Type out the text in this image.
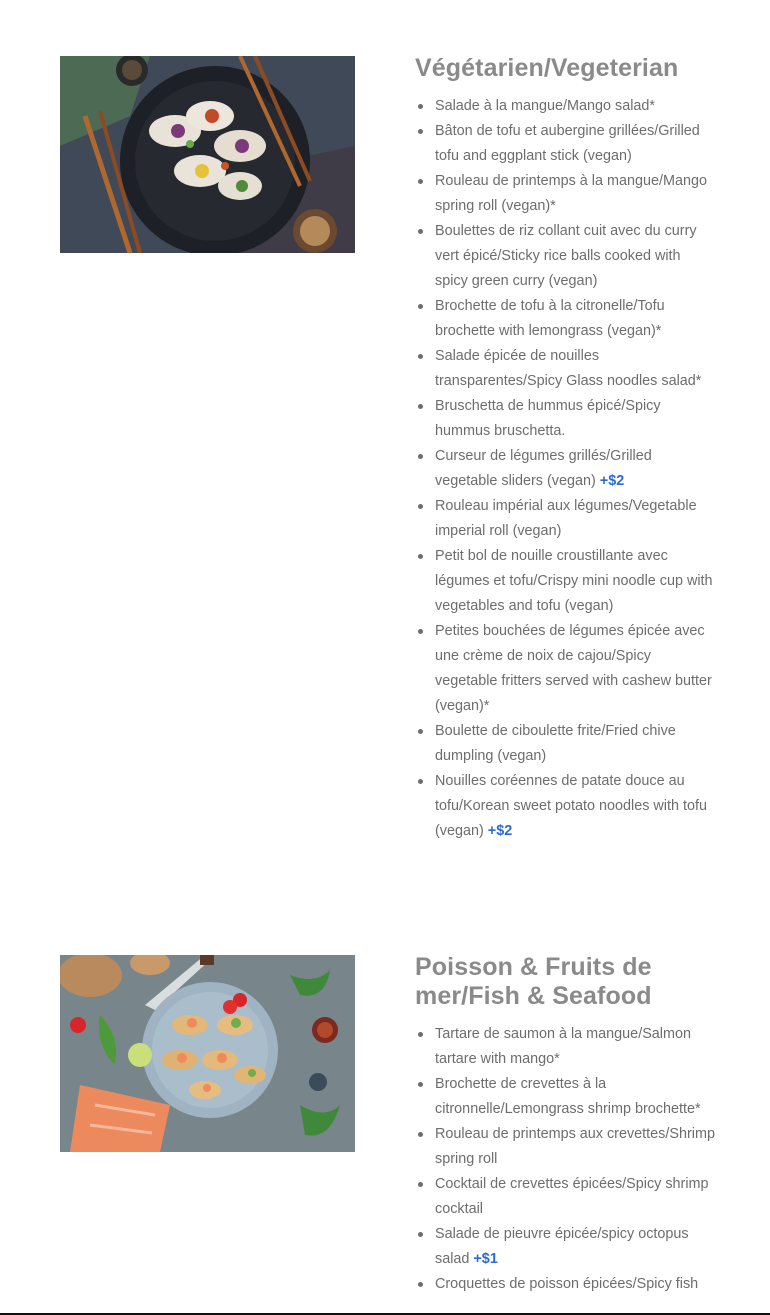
Végétarien/Vegeterian
Salade à la mangue/Mango salad*
Bâton de tofu et aubergine grillées/Grilled tofu and eggplant stick (vegan)
Rouleau de printemps à la mangue/Mango spring roll (vegan)*
Boulettes de riz collant cuit avec du curry vert épicé/Sticky rice balls cooked with spicy green curry (vegan)
Brochette de tofu à la citronelle/Tofu brochette with lemongrass (vegan)*
Salade épicée de nouilles transparentes/Spicy Glass noodles salad*
Bruschetta de hummus épicé/Spicy hummus bruschetta.
Curseur de légumes grillés/Grilled vegetable sliders (vegan) +$2
Rouleau impérial aux légumes/Vegetable imperial roll (vegan)
Petit bol de nouille croustillante avec légumes et tofu/Crispy mini noodle cup with vegetables and tofu (vegan)
Petites bouchées de légumes épicée avec une crème de noix de cajou/Spicy vegetable fritters served with cashew butter (vegan)*
Boulette de ciboulette frite/Fried chive dumpling (vegan)
Nouilles coréennes de patate douce au tofu/Korean sweet potato noodles with tofu (vegan) +$2
Poisson & Fruits de mer/Fish & Seafood
Tartare de saumon à la mangue/Salmon tartare with mango*
Brochette de crevettes à la citronnelle/Lemongrass shrimp brochette*
Rouleau de printemps aux crevettes/Shrimp spring roll
Cocktail de crevettes épicées/Spicy shrimp cocktail
Salade de pieuvre épicée/spicy octopus salad +$1
Croquettes de poisson épicées/Spicy fish
